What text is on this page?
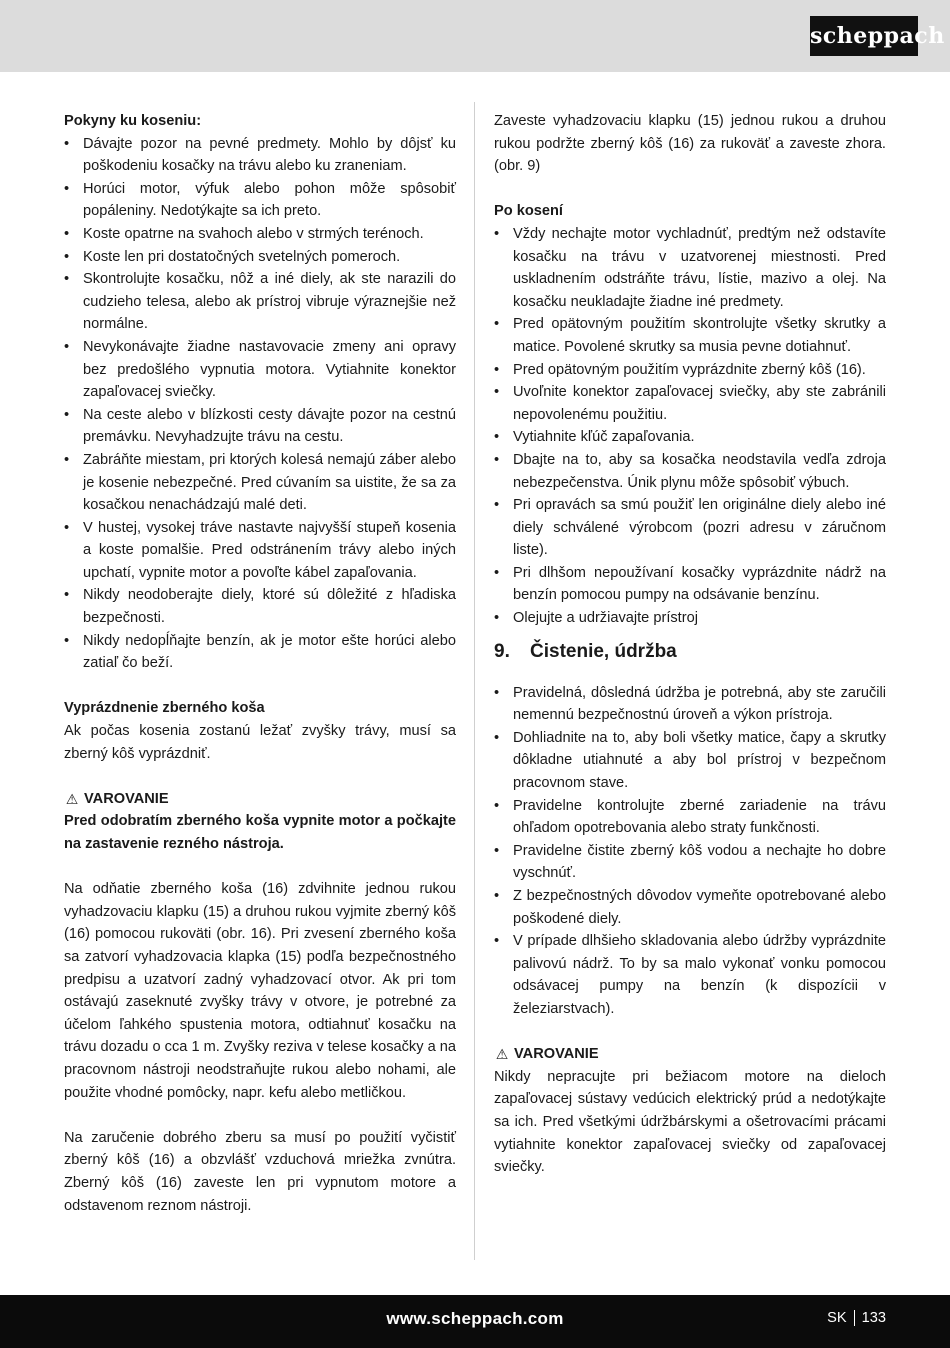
scheppach
Pokyny ku koseniu:
• Dávajte pozor na pevné predmety. Mohlo by dôjsť ku poškodeniu kosačky na trávu alebo ku zraneniam.
• Horúci motor, výfuk alebo pohon môže spôsobiť popáleniny. Nedotýkajte sa ich preto.
• Koste opatrne na svahoch alebo v strmých terénoch.
• Koste len pri dostatočných svetelných pomeroch.
• Skontrolujte kosačku, nôž a iné diely, ak ste narazili do cudzieho telesa, alebo ak prístroj vibruje výraznejšie než normálne.
• Nevykonávajte žiadne nastavovacie zmeny ani opravy bez predošlého vypnutia motora. Vytiahnite konektor zapaľovacej sviečky.
• Na ceste alebo v blízkosti cesty dávajte pozor na cestnú premávku. Nevyhadzujte trávu na cestu.
• Zabráňte miestam, pri ktorých kolesá nemajú záber alebo je kosenie nebezpečné. Pred cúvaním sa uistite, že sa za kosačkou nenachádzajú malé deti.
• V hustej, vysokej tráve nastavte najvyšší stupeň kosenia a koste pomalšie. Pred odstránením trávy alebo iných upchatí, vypnite motor a povoľte kábel zapaľovania.
• Nikdy neodoberajte diely, ktoré sú dôležité z hľadiska bezpečnosti.
• Nikdy nedopĺňajte benzín, ak je motor ešte horúci alebo zatiaľ čo beží.
Vyprázdnenie zberného koša

Ak počas kosenia zostanú ležať zvyšky trávy, musí sa zberný kôš vyprázdniť.

⚠ VAROVANIE

Pred odobratím zberného koša vypnite motor a počkajte na zastavenie rezného nástroja.

Na odňatie zberného koša (16) zdvihnite jednou rukou vyhadzovaciu klapku (15) a druhou rukou vyjmite zberný kôš (16) pomocou rukoväti (obr. 16). Pri zvesení zberného koša sa zatvorí vyhadzovacia klapka (15) podľa bezpečnostného predpisu a uzatvorí zadný vyhadzovací otvor. Ak pri tom ostávajú zaseknuté zvyšky trávy v otvore, je potrebné za účelom ľahkého spustenia motora, odtiahnuť kosačku na trávu dozadu o cca 1 m. Zvyšky reziva v telese kosačky a na pracovnom nástroji neodstraňujte rukou alebo nohami, ale použite vhodné pomôcky, napr. kefu alebo metličkou.

Na zaručenie dobrého zberu sa musí po použití vyčistiť zberný kôš (16) a obzvlášť vzduchová mriežka zvnútra. Zberný kôš (16) zaveste len pri vypnutom motore a odstavenom reznom nástroji.

Zaveste vyhadzovaciu klapku (15) jednou rukou a druhou rukou podržte zberný kôš (16) za rukoväť a zaveste zhora. (obr. 9)

Po kosení
• Vždy nechajte motor vychladnúť, predtým než odstavíte kosačku na trávu v uzatvorenej miestnosti. Pred uskladnením odstráňte trávu, lístie, mazivo a olej. Na kosačku neukladajte žiadne iné predmety.
• Pred opätovným použitím skontrolujte všetky skrutky a matice. Povolené skrutky sa musia pevne dotiahnuť.
• Pred opätovným použitím vyprázdnite zberný kôš (16).
• Uvoľnite konektor zapaľovacej sviečky, aby ste zabránili nepovolenému použitiu.
• Vytiahnite kľúč zapaľovania.
• Dbajte na to, aby sa kosačka neodstavila vedľa zdroja nebezpečenstva. Únik plynu môže spôsobiť výbuch.
• Pri opravách sa smú použiť len originálne diely alebo iné diely schválené výrobcom (pozri adresu v záručnom liste).
• Pri dlhšom nepoužívaní kosačky vyprázdnite nádrž na benzín pomocou pumpy na odsávanie benzínu.
• Olejujte a udržiavajte prístroj
9.	Čistenie, údržba
• Pravidelná, dôsledná údržba je potrebná, aby ste zaručili nemennú bezpečnostnú úroveň a výkon prístroja.
• Dohliadnite na to, aby boli všetky matice, čapy a skrutky dôkladne utiahnuté a aby bol prístroj v bezpečnom pracovnom stave.
• Pravidelne kontrolujte zberné zariadenie na trávu ohľadom opotrebovania alebo straty funkčnosti.
• Pravidelne čistite zberný kôš vodou a nechajte ho dobre vyschnúť.
• Z bezpečnostných dôvodov vymeňte opotrebované alebo poškodené diely.
• V prípade dlhšieho skladovania alebo údržby vyprázdnite palivovú nádrž. To by sa malo vykonať vonku pomocou odsávacej pumpy na benzín (k dispozícii v železiarstvach).
⚠ VAROVANIE

Nikdy nepracujte pri bežiacom motore na dieloch zapaľovacej sústavy vedúcich elektrický prúd a nedotýkajte sa ich. Pred všetkými údržbárskymi a ošetrovacími prácami vytiahnite konektor zapaľovacej sviečky od zapaľovacej sviečky.

www.scheppach.com	SK 133
